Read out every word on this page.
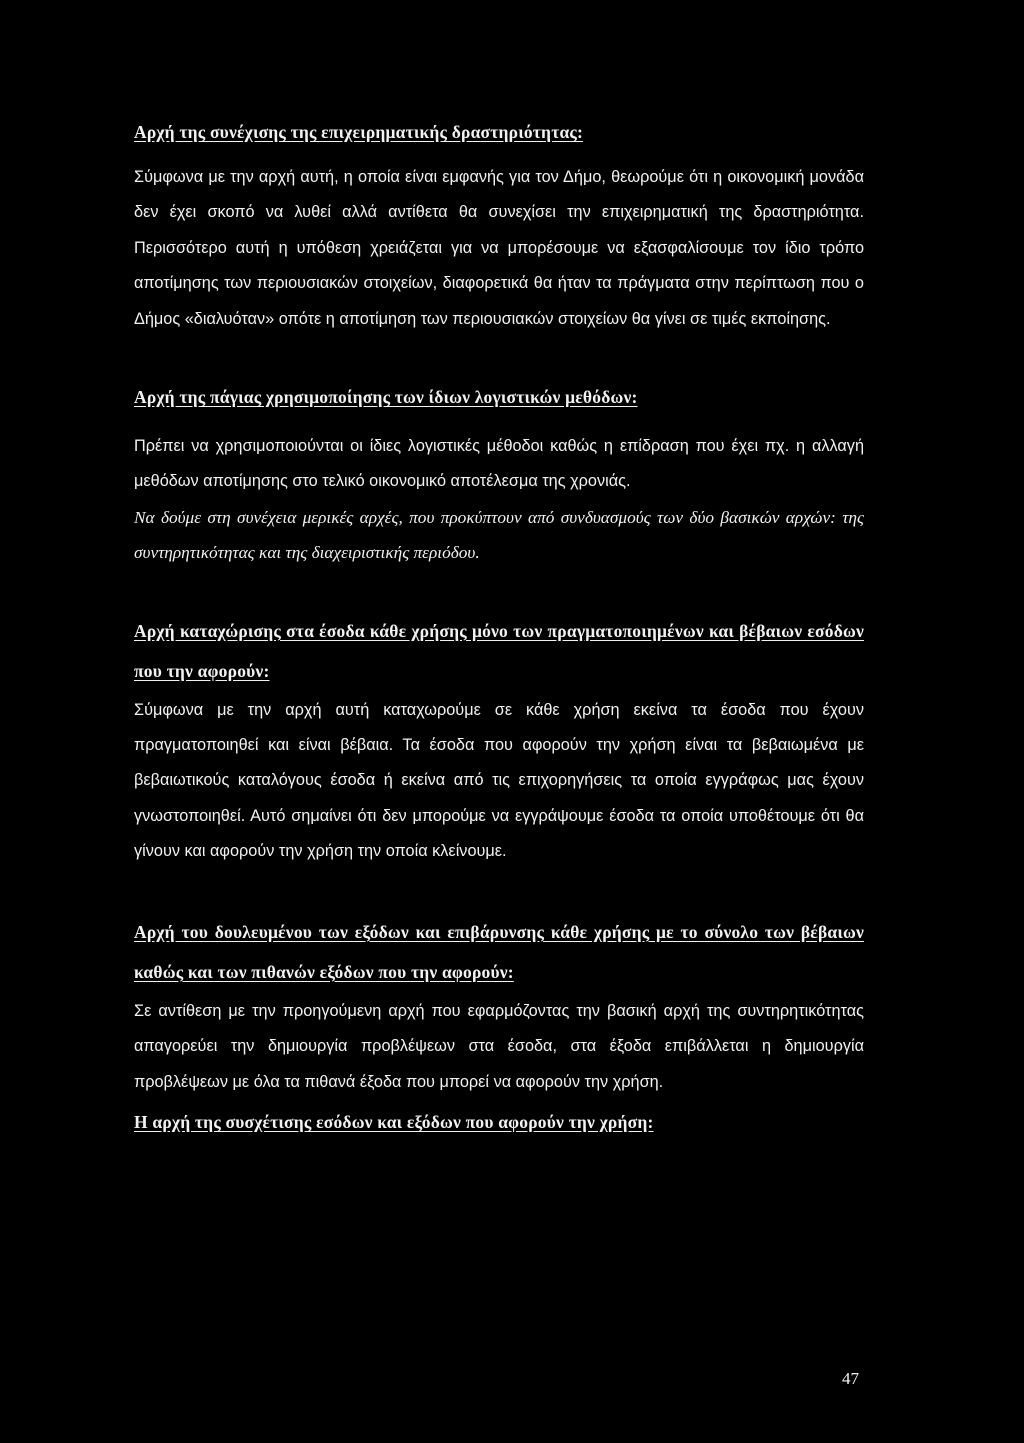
Αρχή της συνέχισης της επιχειρηματικής δραστηριότητας:

Σύμφωνα με την αρχή αυτή, η οποία είναι εμφανής για τον Δήμο, θεωρούμε ότι η οικονομική μονάδα δεν έχει σκοπό να λυθεί αλλά αντίθετα θα συνεχίσει την επιχειρηματική της δραστηριότητα. Περισσότερο αυτή η υπόθεση χρειάζεται για να μπορέσουμε να εξασφαλίσουμε τον ίδιο τρόπο αποτίμησης των περιουσιακών στοιχείων, διαφορετικά θα ήταν τα πράγματα στην περίπτωση που ο Δήμος «διαλυόταν» οπότε η αποτίμηση των περιουσιακών στοιχείων θα γίνει σε τιμές εκποίησης.

Αρχή της πάγιας χρησιμοποίησης των ίδιων λογιστικών μεθόδων:

Πρέπει να χρησιμοποιούνται οι ίδιες λογιστικές μέθοδοι καθώς η επίδραση που έχει πχ. η αλλαγή μεθόδων αποτίμησης στο τελικό οικονομικό αποτέλεσμα της χρονιάς.

Να δούμε στη συνέχεια μερικές αρχές, που προκύπτουν από συνδυασμούς των δύο βασικών αρχών: της συντηρητικότητας και της διαχειριστικής περιόδου.

Αρχή καταχώρισης στα έσοδα κάθε χρήσης μόνο των πραγματοποιημένων και βέβαιων εσόδων που την αφορούν:

Σύμφωνα με την αρχή αυτή καταχωρούμε σε κάθε χρήση εκείνα τα έσοδα που έχουν πραγματοποιηθεί και είναι βέβαια. Τα έσοδα που αφορούν την χρήση είναι τα βεβαιωμένα με βεβαιωτικούς καταλόγους έσοδα ή εκείνα από τις επιχορηγήσεις τα οποία εγγράφως μας έχουν γνωστοποιηθεί. Αυτό σημαίνει ότι δεν μπορούμε να εγγράψουμε έσοδα τα οποία υποθέτουμε ότι θα γίνουν και αφορούν την χρήση την οποία κλείνουμε.

Αρχή του δουλευμένου των εξόδων και επιβάρυνσης κάθε χρήσης με το σύνολο των βέβαιων καθώς και των πιθανών εξόδων που την αφορούν:

Σε αντίθεση με την προηγούμενη αρχή που εφαρμόζοντας την βασική αρχή της συντηρητικότητας απαγορεύει την δημιουργία προβλέψεων στα έσοδα, στα έξοδα επιβάλλεται η δημιουργία προβλέψεων με όλα τα πιθανά έξοδα που μπορεί να αφορούν την χρήση.

Η αρχή της συσχέτισης εσόδων και εξόδων που αφορούν την χρήση:

47
